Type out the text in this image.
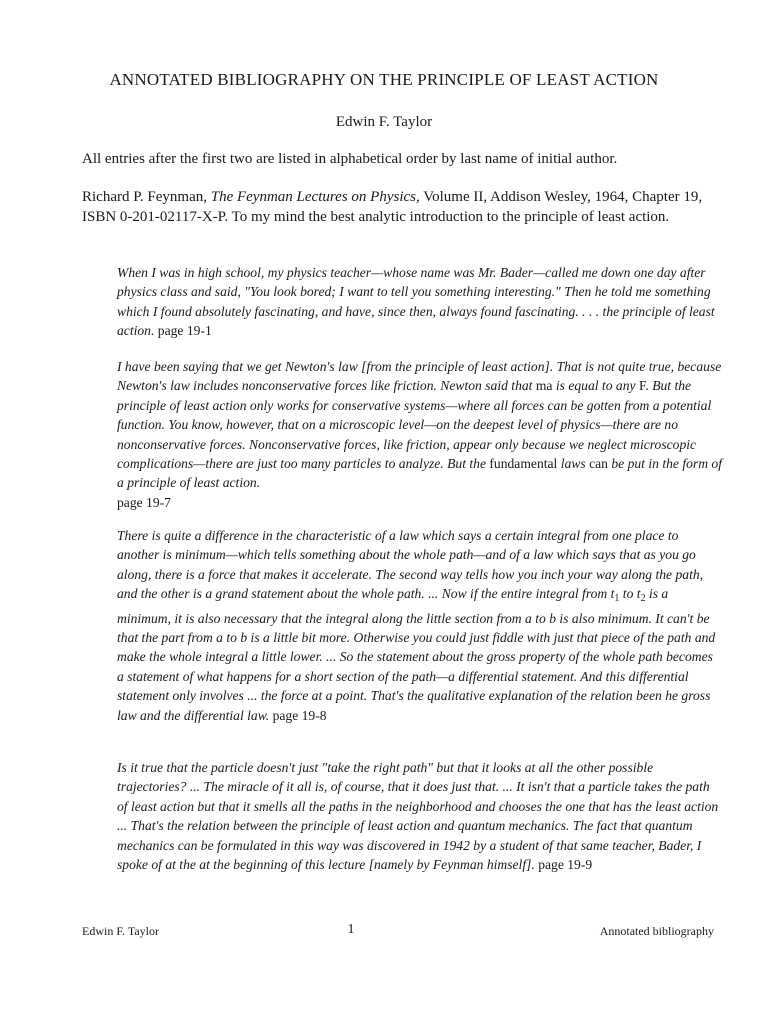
ANNOTATED BIBLIOGRAPHY ON THE PRINCIPLE OF LEAST ACTION
Edwin F. Taylor
All entries after the first two are listed in alphabetical order by last name of initial author.
Richard P. Feynman, The Feynman Lectures on Physics, Volume II, Addison Wesley, 1964, Chapter 19, ISBN 0-201-02117-X-P. To my mind the best analytic introduction to the principle of least action.
When I was in high school, my physics teacher—whose name was Mr. Bader—called me down one day after physics class and said, "You look bored; I want to tell you something interesting." Then he told me something which I found absolutely fascinating, and have, since then, always found fascinating. . . . the principle of least action. page 19-1
I have been saying that we get Newton's law [from the principle of least action]. That is not quite true, because Newton's law includes nonconservative forces like friction. Newton said that ma is equal to any F. But the principle of least action only works for conservative systems—where all forces can be gotten from a potential function. You know, however, that on a microscopic level—on the deepest level of physics—there are no nonconservative forces. Nonconservative forces, like friction, appear only because we neglect microscopic complications—there are just too many particles to analyze. But the fundamental laws can be put in the form of a principle of least action.
page 19-7
There is quite a difference in the characteristic of a law which says a certain integral from one place to another is minimum—which tells something about the whole path—and of a law which says that as you go along, there is a force that makes it accelerate. The second way tells how you inch your way along the path, and the other is a grand statement about the whole path. ... Now if the entire integral from $t_1$ to $t_2$ is a minimum, it is also necessary that the integral along the little section from a to b is also minimum. It can't be that the part from a to b is a little bit more. Otherwise you could just fiddle with just that piece of the path and make the whole integral a little lower. ... So the statement about the gross property of the whole path becomes a statement of what happens for a short section of the path—a differential statement. And this differential statement only involves ... the force at a point. That's the qualitative explanation of the relation been he gross law and the differential law. page 19-8
Is it true that the particle doesn't just "take the right path" but that it looks at all the other possible trajectories? ... The miracle of it all is, of course, that it does just that. ... It isn't that a particle takes the path of least action but that it smells all the paths in the neighborhood and chooses the one that has the least action ... That's the relation between the principle of least action and quantum mechanics. The fact that quantum mechanics can be formulated in this way was discovered in 1942 by a student of that same teacher, Bader, I spoke of at the at the beginning of this lecture [namely by Feynman himself]. page 19-9
Edwin F. Taylor	1	Annotated bibliography
